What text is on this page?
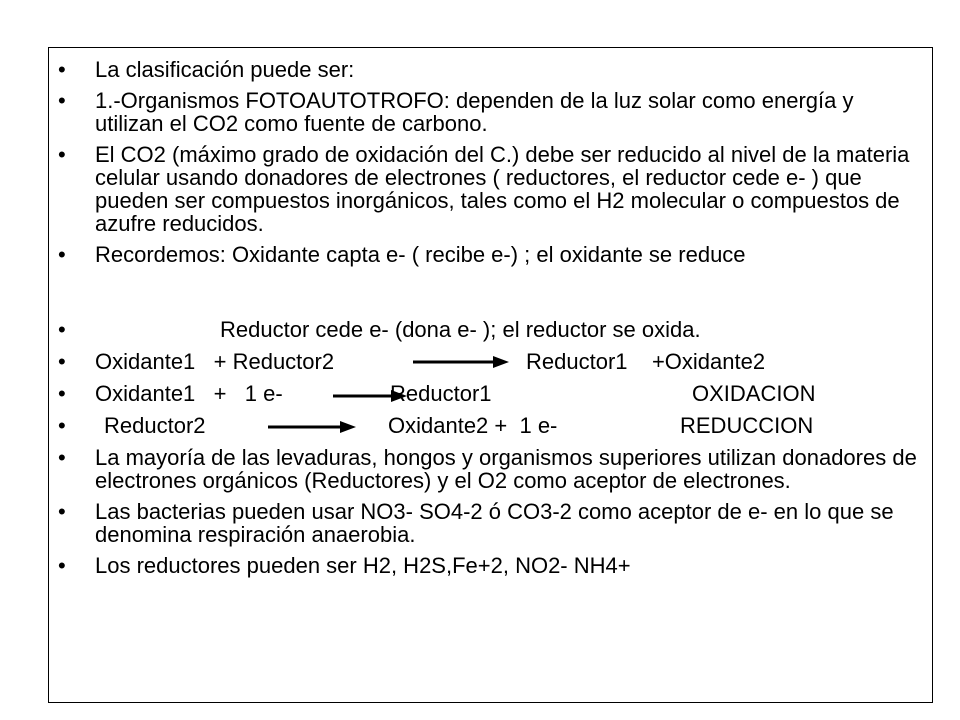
• La clasificación puede ser:
• 1.-Organismos FOTOAUTOTROFO: dependen de la luz solar como energía y utilizan el CO2 como fuente de carbono.
• El CO2 (máximo grado de oxidación del C.) debe ser reducido al nivel de la materia celular usando donadores de electrones ( reductores, el reductor cede e- ) que pueden ser compuestos inorgánicos, tales como el H2 molecular o compuestos de azufre reducidos.
• Recordemos: Oxidante capta e- ( recibe e-) ; el oxidante se reduce
•	Reductor cede e- (dona e- ); el reductor se oxida.
• Oxidante1   + Reductor2	Reductor1    +Oxidante2
• Oxidante1   +   1 e-	Reductor1	OXIDACION
• Reductor2	Oxidante2 +  1 e-	REDUCCION
• La mayoría de las levaduras, hongos y organismos superiores utilizan donadores de electrones orgánicos (Reductores) y el O2 como aceptor de electrones.
• Las bacterias pueden usar NO3- SO4-2 ó CO3-2 como aceptor de e- en lo que se denomina respiración anaerobia.
• Los reductores pueden ser H2, H2S,Fe+2, NO2- NH4+
